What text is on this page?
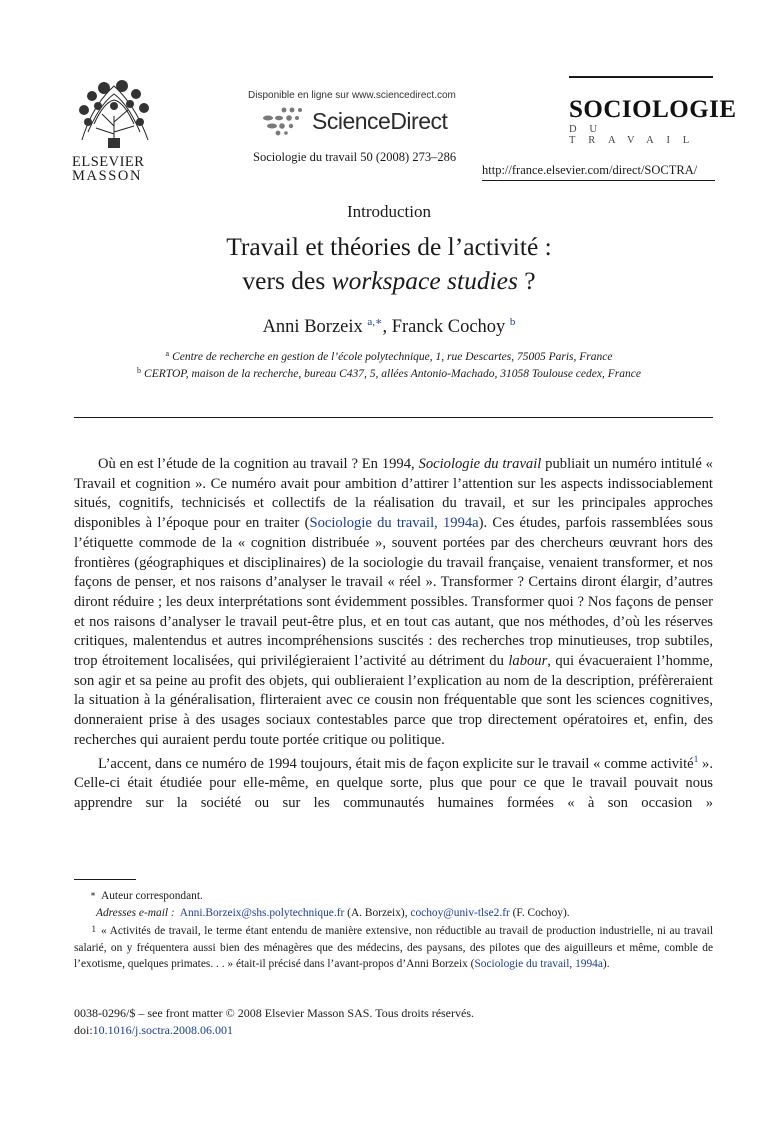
ELSEVIER
MASSON
Disponible en ligne sur www.sciencedirect.com
ScienceDirect
Sociologie du travail 50 (2008) 273–286
SOCIOLOGIE
DU TRAVAIL
http://france.elsevier.com/direct/SOCTRA/
Introduction
Travail et théories de l’activité :
vers des workspace studies ?
Anni Borzeix $^{a,∗}$, Franck Cochoy $^b$
$^a$ Centre de recherche en gestion de l’école polytechnique, 1, rue Descartes, 75005 Paris, France
$^b$ CERTOP, maison de la recherche, bureau C437, 5, allées Antonio-Machado, 31058 Toulouse cedex, France

Où en est l’étude de la cognition au travail ? En 1994, Sociologie du travail publiait un numéro intitulé « Travail et cognition ». Ce numéro avait pour ambition d’attirer l’attention sur les aspects indissociablement situés, cognitifs, technicisés et collectifs de la réalisation du travail, et sur les principales approches disponibles à l’époque pour en traiter (Sociologie du travail, 1994a). Ces études, parfois rassemblées sous l’étiquette commode de la « cognition distribuée », souvent portées par des chercheurs œuvrant hors des frontières (géographiques et disciplinaires) de la sociologie du travail française, venaient transformer, et nos façons de penser, et nos raisons d’analyser le travail « réel ». Transformer ? Certains diront élargir, d’autres diront réduire ; les deux interprétations sont évidemment possibles. Transformer quoi ? Nos façons de penser et nos raisons d’analyser le travail peut-être plus, et en tout cas autant, que nos méthodes, d’où les réserves critiques, malentendus et autres incompréhensions suscités : des recherches trop minutieuses, trop subtiles, trop étroitement localisées, qui privilégieraient l’activité au détriment du labour, qui évacueraient l’homme, son agir et sa peine au profit des objets, qui oublieraient l’explication au nom de la description, préfèreraient la situation à la généralisation, flirteraient avec ce cousin non fréquentable que sont les sciences cognitives, donneraient prise à des usages sociaux contestables parce que trop directement opératoires et, enfin, des recherches qui auraient perdu toute portée critique ou politique.

L’accent, dans ce numéro de 1994 toujours, était mis de façon explicite sur le travail « comme activité$^1$ ». Celle-ci était étudiée pour elle-même, en quelque sorte, plus que pour ce que le travail pouvait nous apprendre sur la société ou sur les communautés humaines formées « à son occasion »

∗ Auteur correspondant.
Adresses e-mail : Anni.Borzeix@shs.polytechnique.fr (A. Borzeix), cochoy@univ-tlse2.fr (F. Cochoy).
1 « Activités de travail, le terme étant entendu de manière extensive, non réductible au travail de production industrielle, ni au travail salarié, on y fréquentera aussi bien des ménagères que des médecins, des paysans, des pilotes que des aiguilleurs et même, comble de l’exotisme, quelques primates. . . » était-il précisé dans l’avant-propos d’Anni Borzeix (Sociologie du travail, 1994a).
0038-0296/$ – see front matter © 2008 Elsevier Masson SAS. Tous droits réservés.
doi:10.1016/j.soctra.2008.06.001
